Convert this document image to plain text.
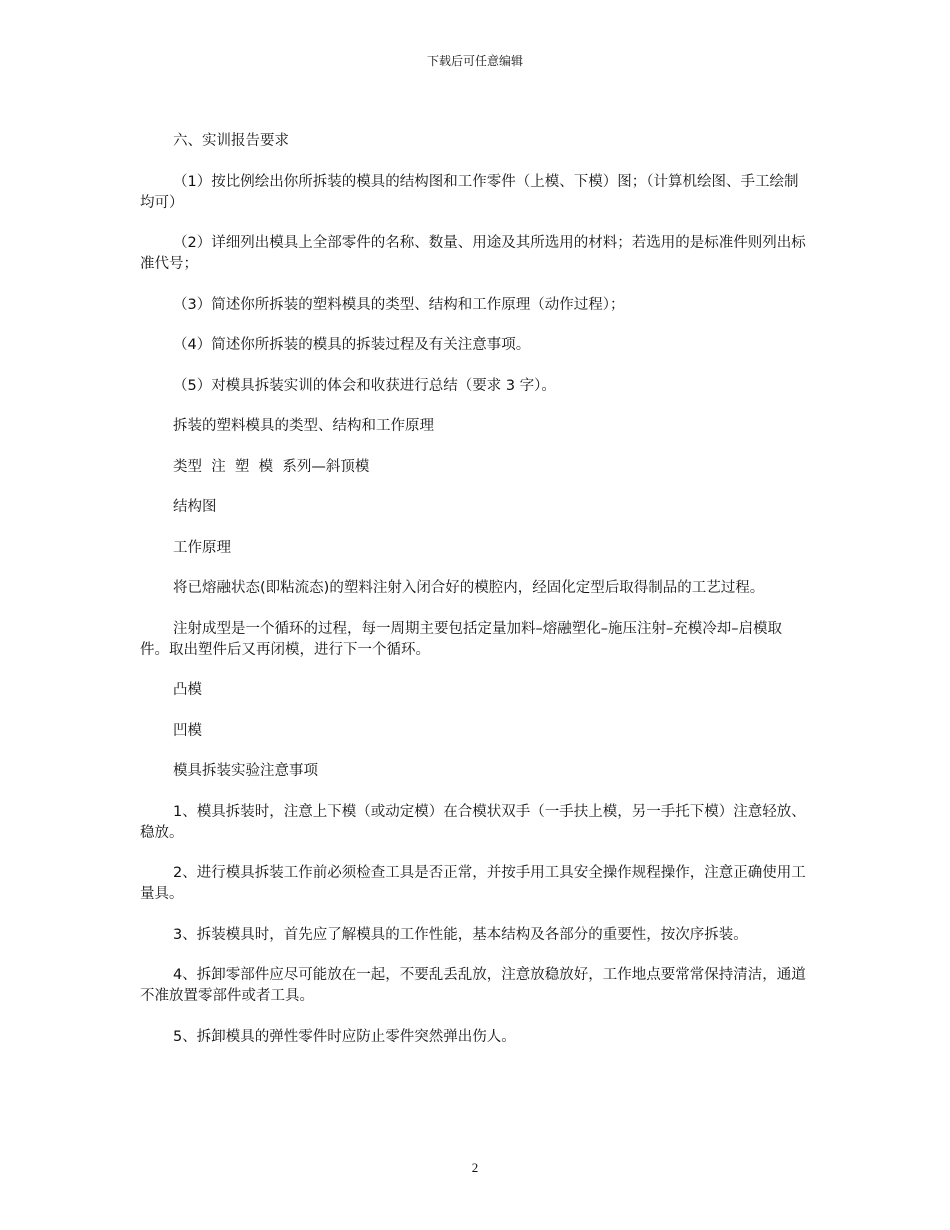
下载后可任意编辑

六、实训报告要求

（1）按比例绘出你所拆装的模具的结构图和工作零件（上模、下模）图；（计算机绘图、手工绘制均可）

（2）详细列出模具上全部零件的名称、数量、用途及其所选用的材料；若选用的是标准件则列出标准代号；

（3）简述你所拆装的塑料模具的类型、结构和工作原理（动作过程）；

（4）简述你所拆装的模具的拆装过程及有关注意事项。

（5）对模具拆装实训的体会和收获进行总结（要求 3 字）。

拆装的塑料模具的类型、结构和工作原理

类型  注  塑  模  系列—斜顶模

结构图

工作原理

将已熔融状态(即粘流态)的塑料注射入闭合好的模腔内，经固化定型后取得制品的工艺过程。

注射成型是一个循环的过程，每一周期主要包括定量加料–熔融塑化–施压注射–充模冷却–启模取件。取出塑件后又再闭模，进行下一个循环。

凸模

凹模

模具拆装实验注意事项

1、模具拆装时，注意上下模（或动定模）在合模状双手（一手扶上模，另一手托下模）注意轻放、稳放。

2、进行模具拆装工作前必须检查工具是否正常，并按手用工具安全操作规程操作，注意正确使用工量具。

3、拆装模具时，首先应了解模具的工作性能，基本结构及各部分的重要性，按次序拆装。

4、拆卸零部件应尽可能放在一起，不要乱丢乱放，注意放稳放好，工作地点要常常保持清洁，通道不准放置零部件或者工具。

5、拆卸模具的弹性零件时应防止零件突然弹出伤人。

2
